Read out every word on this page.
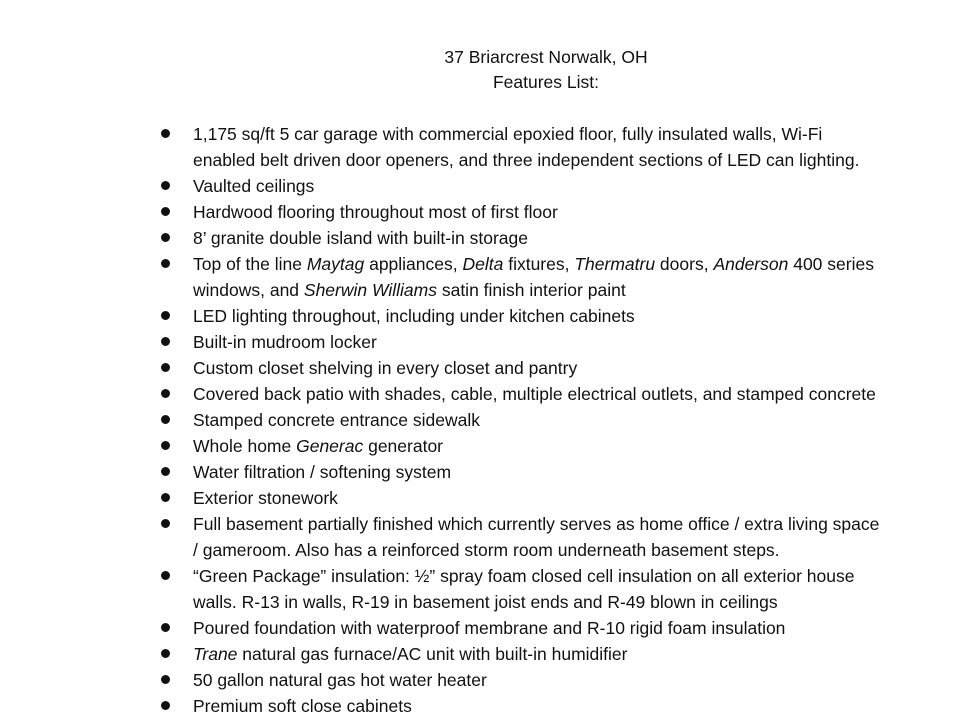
37 Briarcrest Norwalk, OH
Features List:
1,175 sq/ft 5 car garage with commercial epoxied floor, fully insulated walls, Wi-Fi
enabled belt driven door openers, and three independent sections of LED can lighting.
Vaulted ceilings
Hardwood flooring throughout most of first floor
8’ granite double island with built-in storage
Top of the line Maytag appliances, Delta fixtures, Thermatru doors, Anderson 400 series
windows, and Sherwin Williams satin finish interior paint
LED lighting throughout, including under kitchen cabinets
Built-in mudroom locker
Custom closet shelving in every closet and pantry
Covered back patio with shades, cable, multiple electrical outlets, and stamped concrete
Stamped concrete entrance sidewalk
Whole home Generac generator
Water filtration / softening system
Exterior stonework
Full basement partially finished which currently serves as home office / extra living space
/ gameroom. Also has a reinforced storm room underneath basement steps.
“Green Package” insulation: ½” spray foam closed cell insulation on all exterior house
walls. R-13 in walls, R-19 in basement joist ends and R-49 blown in ceilings
Poured foundation with waterproof membrane and R-10 rigid foam insulation
Trane natural gas furnace/AC unit with built-in humidifier
50 gallon natural gas hot water heater
Premium soft close cabinets
